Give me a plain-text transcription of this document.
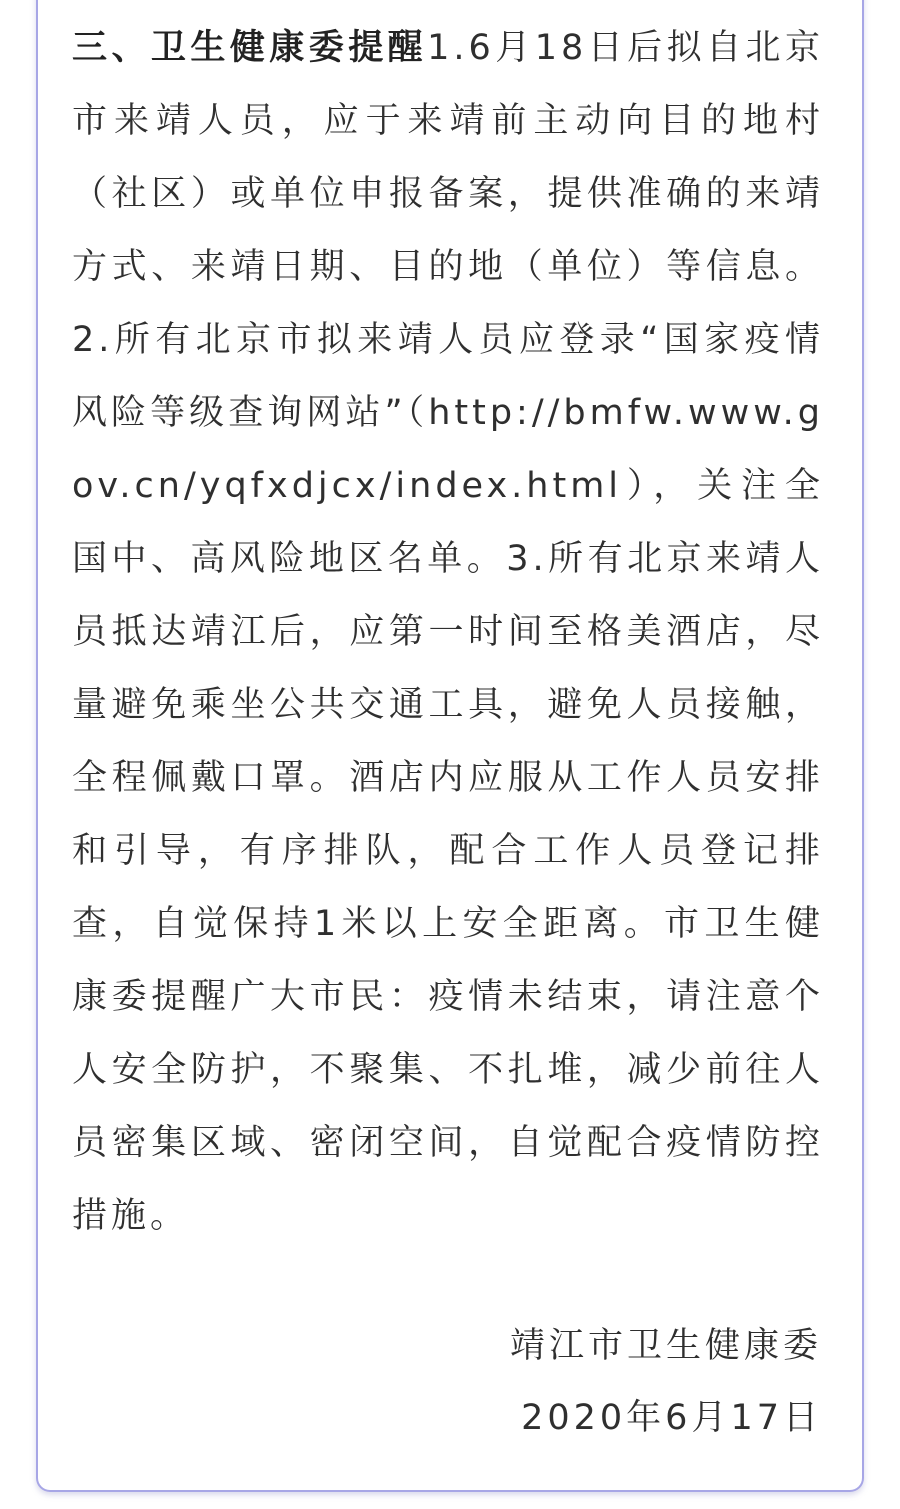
三、卫生健康委提醒1.6月18日后拟自北京市来靖人员，应于来靖前主动向目的地村（社区）或单位申报备案，提供准确的来靖方式、来靖日期、目的地（单位）等信息。2.所有北京市拟来靖人员应登录“国家疫情风险等级查询网站”（http://bmfw.www.gov.cn/yqfxdjcx/index.html），关注全国中、高风险地区名单。3.所有北京来靖人员抵达靖江后，应第一时间至格美酒店，尽量避免乘坐公共交通工具，避免人员接触，全程佩戴口罩。酒店内应服从工作人员安排和引导，有序排队，配合工作人员登记排查，自觉保持1米以上安全距离。市卫生健康委提醒广大市民：疫情未结束，请注意个人安全防护，不聚集、不扎堆，减少前往人员密集区域、密闭空间，自觉配合疫情防控措施。

靖江市卫生健康委
2020年6月17日
